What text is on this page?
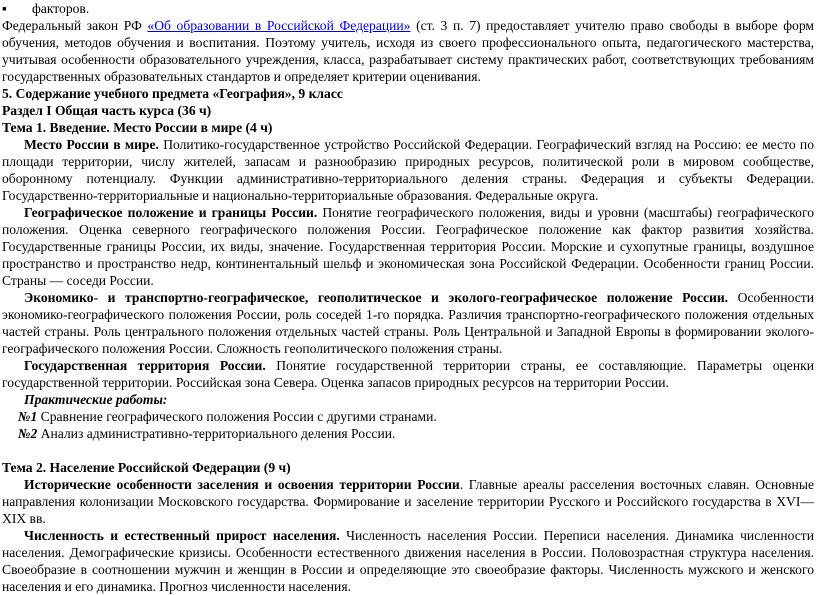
▪ факторов.

Федеральный закон РФ «Об образовании в Российской Федерации» (ст. 3 п. 7) предоставляет учителю право свободы в выборе форм обучения, методов обучения и воспитания. Поэтому учитель, исходя из своего профессионального опыта, педагогического мастерства, учитывая особенности образовательного учреждения, класса, разрабатывает систему практических работ, соответствующих требованиям государственных образовательных стандартов и определяет критерии оценивания.

5. Содержание учебного предмета «География», 9 класс

Раздел I Общая часть курса (36 ч)

Тема 1. Введение. Место России в мире (4 ч)

Место России в мире. Политико-государственное устройство Российской Федерации. Географический взгляд на Россию: ее место по площади территории, числу жителей, запасам и разнообразию природных ресурсов, политической роли в мировом сообществе, оборонному потенциалу. Функции административно-территориального деления страны. Федерация и субъекты Федерации. Государственно-территориальные и национально-территориальные образования. Федеральные округа.

Географическое положение и границы России. Понятие географического положения, виды и уровни (масштабы) географического положения. Оценка северного географического положения России. Географическое положение как фактор развития хозяйства. Государственные границы России, их виды, значение. Государственная территория России. Морские и сухопутные границы, воздушное пространство и пространство недр, континентальный шельф и экономическая зона Российской Федерации. Особенности границ России. Страны — соседи России.

Экономико- и транспортно-географическое, геополитическое и эколого-географическое положение России. Особенности экономико-географического положения России, роль соседей 1-го порядка. Различия транспортно-географического положения отдельных частей страны. Роль центрального положения отдельных частей страны. Роль Центральной и Западной Европы в формировании эколого-географического положения России. Сложность геополитического положения страны.

Государственная территория России. Понятие государственной территории страны, ее составляющие. Параметры оценки государственной территории. Российская зона Севера. Оценка запасов природных ресурсов на территории России.

Практические работы:

№1 Сравнение географического положения России с другими странами.

№2 Анализ административно-территориального деления России.

Тема 2. Население Российской Федерации (9 ч)

Исторические особенности заселения и освоения территории России. Главные ареалы расселения восточных славян. Основные направления колонизации Московского государства. Формирование и заселение территории Русского и Российского государства в XVI—XIX вв.

Численность и естественный прирост населения. Численность населения России. Переписи населения. Динамика численности населения. Демографические кризисы. Особенности естественного движения населения в России. Половозрастная структура населения. Своеобразие в соотношении мужчин и женщин в России и определяющие это своеобразие факторы. Численность мужского и женского населения и его динамика. Прогноз численности населения.
